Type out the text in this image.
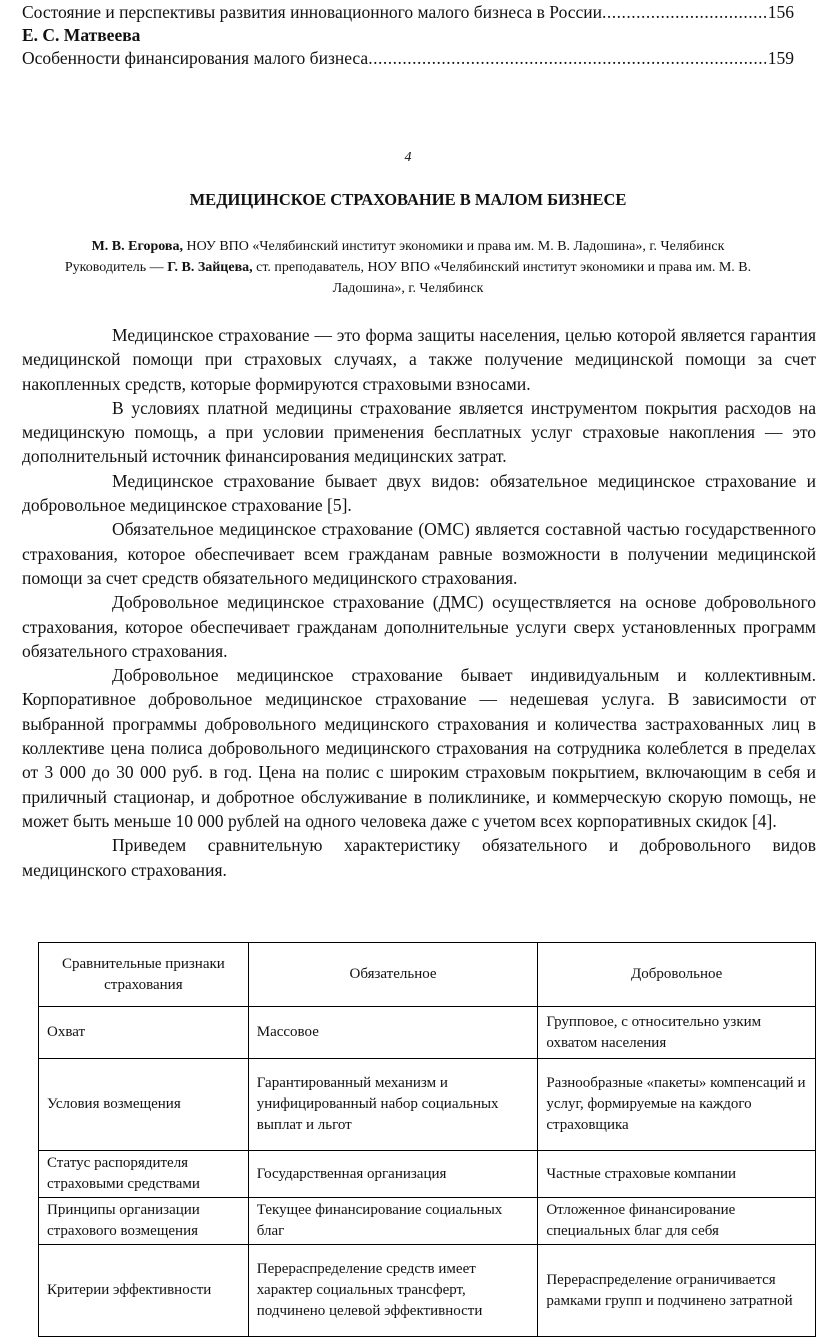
Состояние и перспективы развития инновационного малого бизнеса в России .....	156
Е. С. Матвеева
Особенности финансирования малого бизнеса .....	159
4
МЕДИЦИНСКОЕ СТРАХОВАНИЕ В МАЛОМ БИЗНЕСЕ
М. В. Егорова, НОУ ВПО «Челябинский институт экономики и права им. М. В. Ладошина», г. Челябинск
Руководитель — Г. В. Зайцева, ст. преподаватель, НОУ ВПО «Челябинский институт экономики и права им. М. В. Ладошина», г. Челябинск

Медицинское страхование — это форма защиты населения, целью которой является гарантия медицинской помощи при страховых случаях, а также получение медицинской помощи за счет накопленных средств, которые формируются страховыми взносами.

В условиях платной медицины страхование является инструментом покрытия расходов на медицинскую помощь, а при условии применения бесплатных услуг страховые накопления — это дополнительный источник финансирования медицинских затрат.

Медицинское страхование бывает двух видов: обязательное медицинское страхование и добровольное медицинское страхование [5].

Обязательное медицинское страхование (ОМС) является составной частью государственного страхования, которое обеспечивает всем гражданам равные возможности в получении медицинской помощи за счет средств обязательного медицинского страхования.

Добровольное медицинское страхование (ДМС) осуществляется на основе добровольного страхования, которое обеспечивает гражданам дополнительные услуги сверх установленных программ обязательного страхования.

Добровольное медицинское страхование бывает индивидуальным и коллективным. Корпоративное добровольное медицинское страхование — недешевая услуга. В зависимости от выбранной программы добровольного медицинского страхования и количества застрахованных лиц в коллективе цена полиса добровольного медицинского страхования на сотрудника колеблется в пределах от 3 000 до 30 000 руб. в год. Цена на полис с широким страховым покрытием, включающим в себя и приличный стационар, и добротное обслуживание в поликлинике, и коммерческую скорую помощь, не может быть меньше 10 000 рублей на одного человека даже с учетом всех корпоративных скидок [4].

Приведем сравнительную характеристику обязательного и добровольного видов медицинского страхования.

Сравнительные признаки страхования	Обязательное	Добровольное
Охват	Массовое	Групповое, с относительно узким охватом населения
Условия возмещения	Гарантированный механизм и унифицированный набор социальных выплат и льгот	Разнообразные «пакеты» компенсаций и услуг, формируемые на каждого страховщика
Статус распорядителя страховыми средствами	Государственная организация	Частные страховые компании
Принципы организации страхового возмещения	Текущее финансирование социальных благ	Отложенное финансирование специальных благ для себя
Критерии эффективности	Перераспределение средств имеет характер социальных трансферт, подчинено целевой эффективности	Перераспределение ограничивается рамками групп и подчинено затратной
